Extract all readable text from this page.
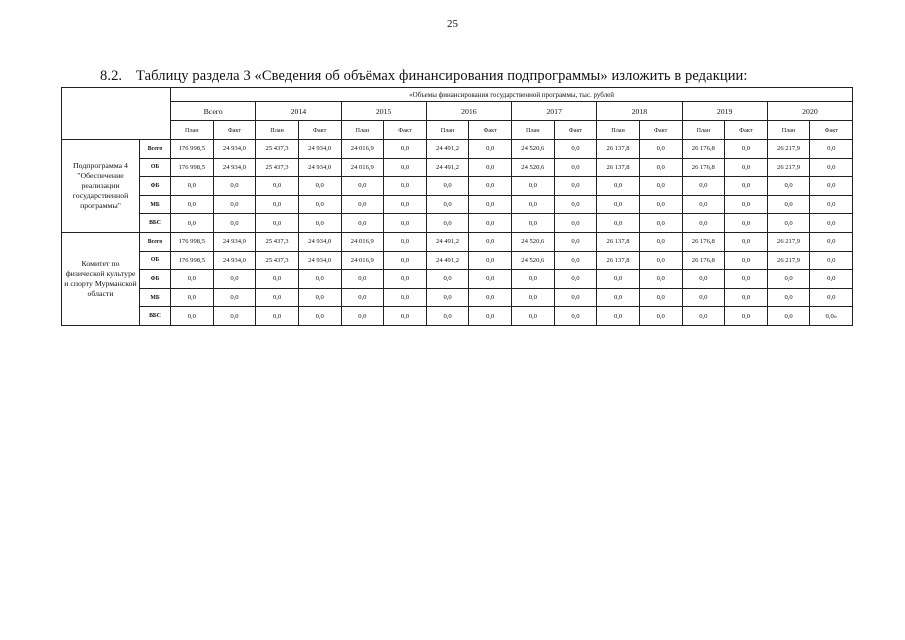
25
8.2. Таблицу раздела 3 «Сведения об объёмах финансирования подпрограммы» изложить в редакции:
		«Объемы финансирования государственной программы, тыс. рублей															
		Всего		2014		2015		2016		2017		2018		2019		2020	
		План	Факт	План	Факт	План	Факт	План	Факт	План	Факт	План	Факт	План	Факт	План	Факт
Подпрограмма 4 "Обеспечение реализации государственной программы"	Всего	176 998,5	24 934,0	25 437,3	24 934,0	24 016,9	0,0	24 491,2	0,0	24 520,6	0,0	26 137,8	0,0	26 176,8	0,0	26 217,9	0,0
	ОБ	176 998,5	24 934,0	25 437,3	24 934,0	24 016,9	0,0	24 491,2	0,0	24 520,6	0,0	26 137,8	0,0	26 176,8	0,0	26 217,9	0,0
	ФБ	0,0	0,0	0,0	0,0	0,0	0,0	0,0	0,0	0,0	0,0	0,0	0,0	0,0	0,0	0,0	0,0
	МБ	0,0	0,0	0,0	0,0	0,0	0,0	0,0	0,0	0,0	0,0	0,0	0,0	0,0	0,0	0,0	0,0
	ВБС	0,0	0,0	0,0	0,0	0,0	0,0	0,0	0,0	0,0	0,0	0,0	0,0	0,0	0,0	0,0	0,0
Комитет по физической культуре и спорту Мурманской области	Всего	176 998,5	24 934,0	25 437,3	24 934,0	24 016,9	0,0	24 491,2	0,0	24 520,6	0,0	26 137,8	0,0	26 176,8	0,0	26 217,9	0,0
	ОБ	176 998,5	24 934,0	25 437,3	24 934,0	24 016,9	0,0	24 491,2	0,0	24 520,6	0,0	26 137,8	0,0	26 176,8	0,0	26 217,9	0,0
	ФБ	0,0	0,0	0,0	0,0	0,0	0,0	0,0	0,0	0,0	0,0	0,0	0,0	0,0	0,0	0,0	0,0
	МБ	0,0	0,0	0,0	0,0	0,0	0,0	0,0	0,0	0,0	0,0	0,0	0,0	0,0	0,0	0,0	0,0
	ВБС	0,0	0,0	0,0	0,0	0,0	0,0	0,0	0,0	0,0	0,0	0,0	0,0	0,0	0,0	0,0	0,0»
